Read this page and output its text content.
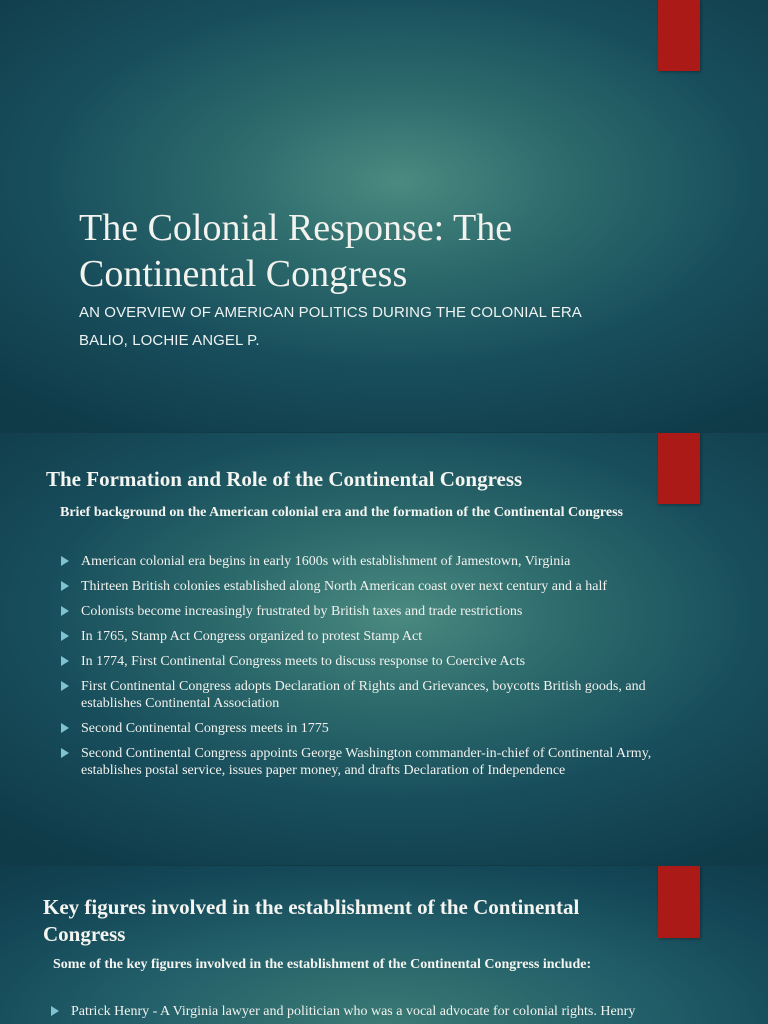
The Colonial Response: The Continental Congress
AN OVERVIEW OF AMERICAN POLITICS DURING THE COLONIAL ERA
BALIO, LOCHIE ANGEL P.
The Formation and Role of the Continental Congress
Brief background on the American colonial era and the formation of the Continental Congress
American colonial era begins in early 1600s with establishment of Jamestown, Virginia
Thirteen British colonies established along North American coast over next century and a half
Colonists become increasingly frustrated by British taxes and trade restrictions
In 1765, Stamp Act Congress organized to protest Stamp Act
In 1774, First Continental Congress meets to discuss response to Coercive Acts
First Continental Congress adopts Declaration of Rights and Grievances, boycotts British goods, and establishes Continental Association
Second Continental Congress meets in 1775
Second Continental Congress appoints George Washington commander-in-chief of Continental Army, establishes postal service, issues paper money, and drafts Declaration of Independence
Key figures involved in the establishment of the Continental Congress
Some of the key figures involved in the establishment of the Continental Congress include:
Patrick Henry - A Virginia lawyer and politician who was a vocal advocate for colonial rights. Henry
